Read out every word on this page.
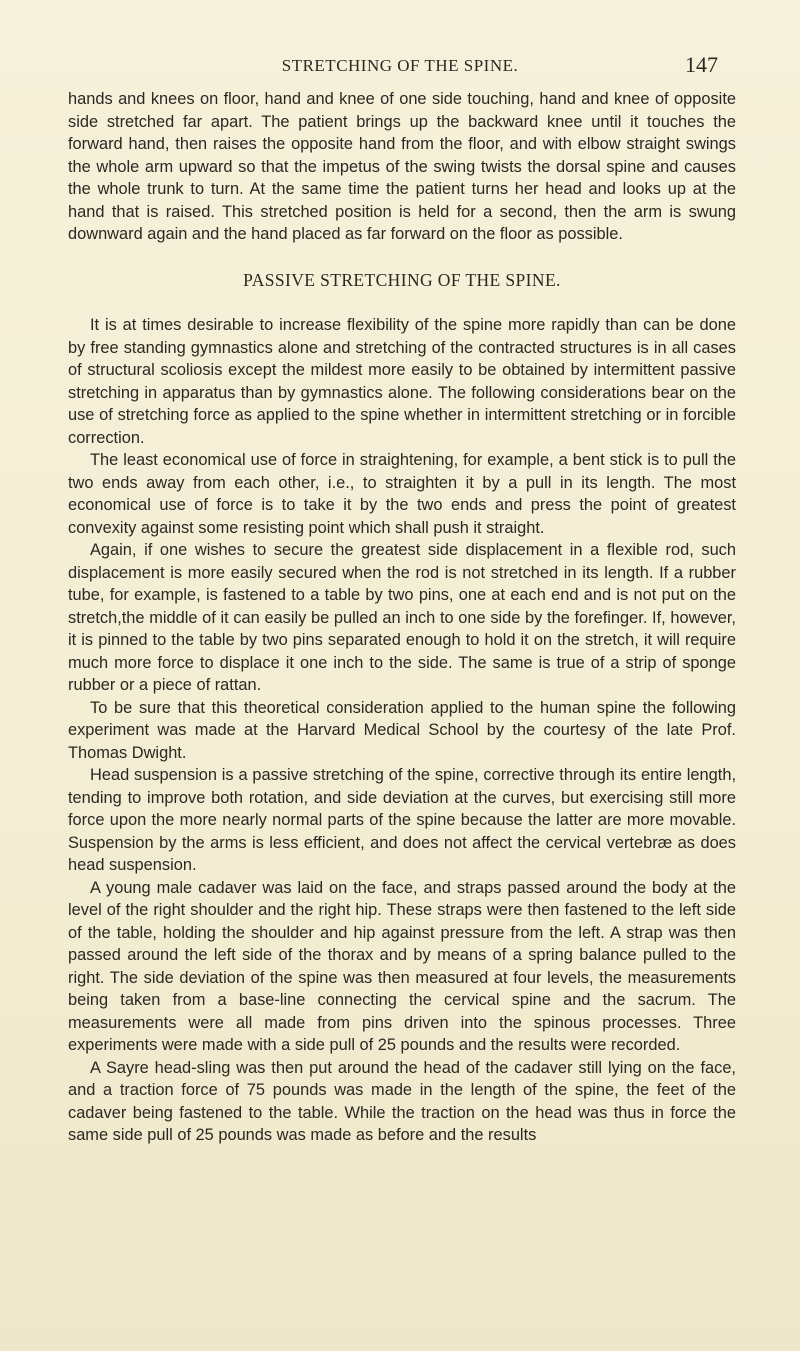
STRETCHING OF THE SPINE.	147

hands and knees on floor, hand and knee of one side touching, hand and knee of opposite side stretched far apart. The patient brings up the backward knee until it touches the forward hand, then raises the opposite hand from the floor, and with elbow straight swings the whole arm upward so that the impetus of the swing twists the dorsal spine and causes the whole trunk to turn. At the same time the patient turns her head and looks up at the hand that is raised. This stretched position is held for a second, then the arm is swung downward again and the hand placed as far forward on the floor as possible.

PASSIVE STRETCHING OF THE SPINE.

It is at times desirable to increase flexibility of the spine more rapidly than can be done by free standing gymnastics alone and stretching of the contracted structures is in all cases of structural scoliosis except the mildest more easily to be obtained by intermittent passive stretching in apparatus than by gymnastics alone. The following considerations bear on the use of stretching force as applied to the spine whether in intermittent stretching or in forcible correction.

The least economical use of force in straightening, for example, a bent stick is to pull the two ends away from each other, i.e., to straighten it by a pull in its length. The most economical use of force is to take it by the two ends and press the point of greatest convexity against some resisting point which shall push it straight.

Again, if one wishes to secure the greatest side displacement in a flexible rod, such displacement is more easily secured when the rod is not stretched in its length. If a rubber tube, for example, is fastened to a table by two pins, one at each end and is not put on the stretch,the middle of it can easily be pulled an inch to one side by the forefinger. If, however, it is pinned to the table by two pins separated enough to hold it on the stretch, it will require much more force to displace it one inch to the side. The same is true of a strip of sponge rubber or a piece of rattan.

To be sure that this theoretical consideration applied to the human spine the following experiment was made at the Harvard Medical School by the courtesy of the late Prof. Thomas Dwight.

Head suspension is a passive stretching of the spine, corrective through its entire length, tending to improve both rotation, and side deviation at the curves, but exercising still more force upon the more nearly normal parts of the spine because the latter are more movable. Suspension by the arms is less efficient, and does not affect the cervical vertebræ as does head suspension.

A young male cadaver was laid on the face, and straps passed around the body at the level of the right shoulder and the right hip. These straps were then fastened to the left side of the table, holding the shoulder and hip against pressure from the left. A strap was then passed around the left side of the thorax and by means of a spring balance pulled to the right. The side deviation of the spine was then measured at four levels, the measurements being taken from a base-line connecting the cervical spine and the sacrum. The measurements were all made from pins driven into the spinous processes. Three experiments were made with a side pull of 25 pounds and the results were recorded.

A Sayre head-sling was then put around the head of the cadaver still lying on the face, and a traction force of 75 pounds was made in the length of the spine, the feet of the cadaver being fastened to the table. While the traction on the head was thus in force the same side pull of 25 pounds was made as before and the results
